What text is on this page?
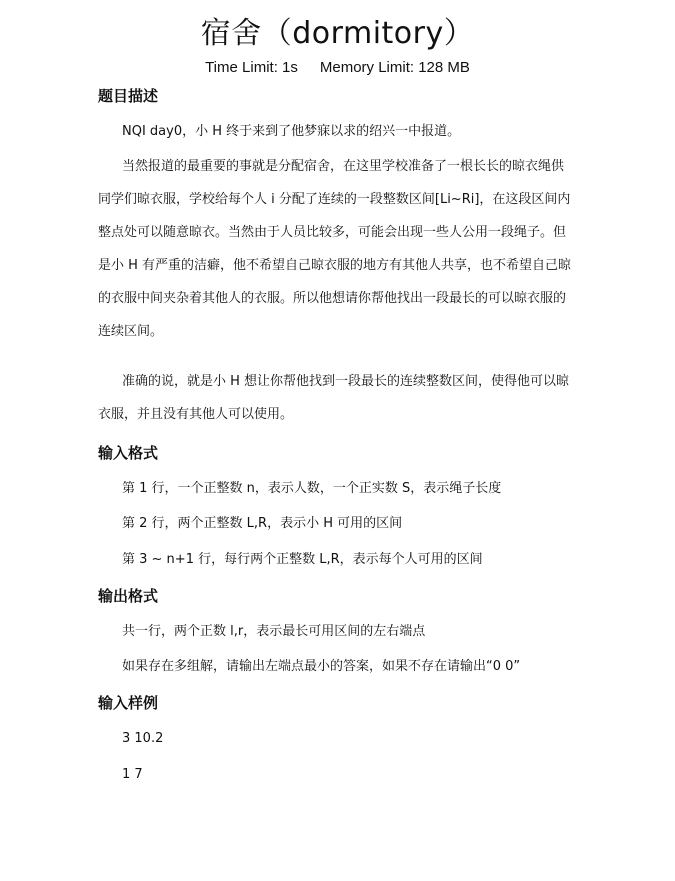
宿舍（dormitory）
Time Limit: 1s Memory Limit: 128 MB
题目描述
NQI day0，小 H 终于来到了他梦寐以求的绍兴一中报道。
当然报道的最重要的事就是分配宿舍，在这里学校准备了一根长长的晾衣绳供同学们晾衣服，学校给每个人 i 分配了连续的一段整数区间[Li~Ri]，在这段区间内整点处可以随意晾衣。当然由于人员比较多，可能会出现一些人公用一段绳子。但是小 H 有严重的洁癖，他不希望自己晾衣服的地方有其他人共享，也不希望自己晾的衣服中间夹杂着其他人的衣服。所以他想请你帮他找出一段最长的可以晾衣服的连续区间。
准确的说，就是小 H 想让你帮他找到一段最长的连续整数区间，使得他可以晾衣服，并且没有其他人可以使用。
输入格式
第 1 行，一个正整数 n，表示人数，一个正实数 S，表示绳子长度
第 2 行，两个正整数 L,R，表示小 H 可用的区间
第 3 ~ n+1 行，每行两个正整数 L,R，表示每个人可用的区间
输出格式
共一行，两个正数 l,r，表示最长可用区间的左右端点
如果存在多组解，请输出左端点最小的答案，如果不存在请输出“0 0”
输入样例
3 10.2
1 7
